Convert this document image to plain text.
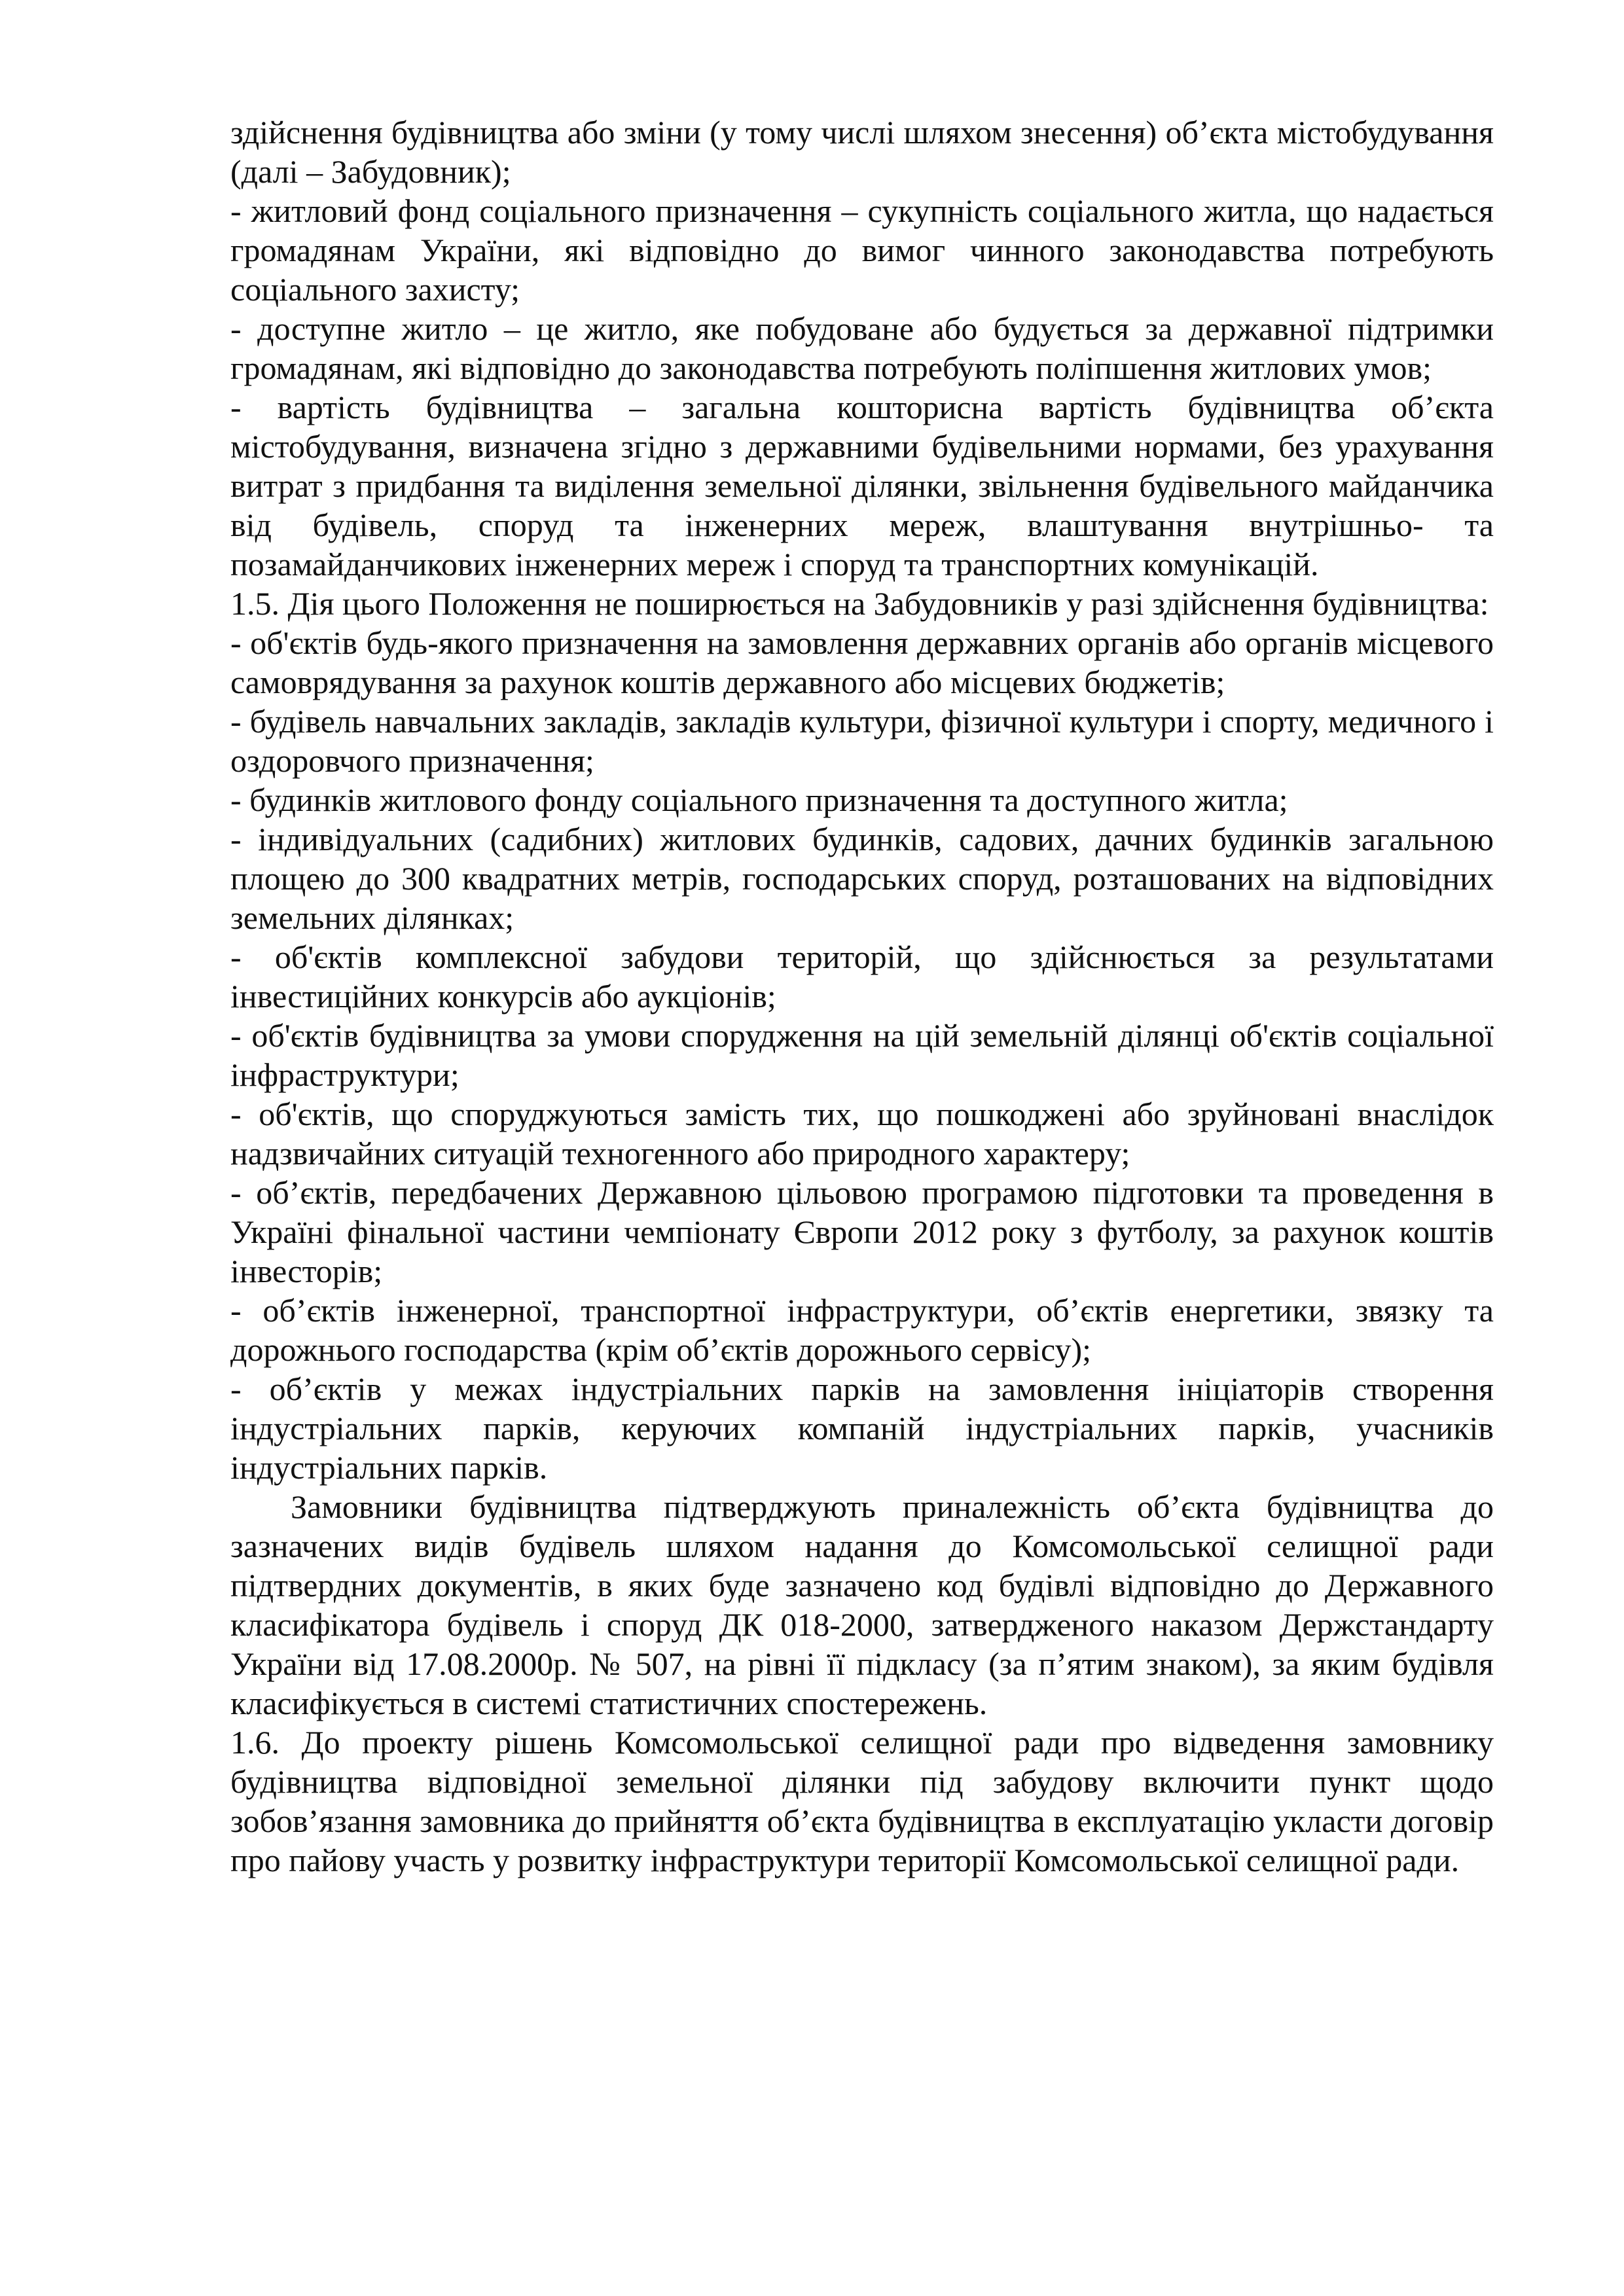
здійснення будівництва або зміни (у тому числі шляхом знесення) об’єкта містобудування (далі – Забудовник);

- житловий фонд соціального призначення – сукупність соціального житла, що надається громадянам України, які відповідно до вимог чинного законодавства потребують соціального захисту;

- доступне житло – це житло, яке побудоване або будується за державної підтримки громадянам, які відповідно до законодавства потребують поліпшення житлових умов;

- вартість будівництва – загальна кошторисна вартість будівництва об’єкта містобудування, визначена згідно з державними будівельними нормами, без урахування витрат з придбання та виділення земельної ділянки, звільнення будівельного майданчика від будівель, споруд та інженерних мереж, влаштування внутрішньо- та позамайданчикових інженерних мереж і споруд та транспортних комунікацій.

1.5. Дія цього Положення не поширюється на Забудовників у разі здійснення будівництва:

- об'єктів будь-якого призначення на замовлення державних органів або органів місцевого самоврядування за рахунок коштів державного або місцевих бюджетів;

- будівель навчальних закладів, закладів культури, фізичної культури і спорту, медичного і оздоровчого призначення;

- будинків житлового фонду соціального призначення та доступного житла;

- індивідуальних (садибних) житлових будинків, садових, дачних будинків загальною площею до 300 квадратних метрів, господарських споруд, розташованих на відповідних земельних ділянках;

- об'єктів комплексної забудови територій, що здійснюється за результатами інвестиційних конкурсів або аукціонів;

- об'єктів будівництва за умови спорудження на цій земельній ділянці об'єктів соціальної інфраструктури;

- об'єктів, що споруджуються замість тих, що пошкоджені або зруйновані внаслідок надзвичайних ситуацій техногенного або природного характеру;

- об’єктів, передбачених Державною цільовою програмою підготовки та проведення в Україні фінальної частини чемпіонату Європи 2012 року з футболу, за рахунок коштів інвесторів;

- об’єктів інженерної, транспортної інфраструктури, об’єктів енергетики, звязку та дорожнього господарства (крім об’єктів дорожнього сервісу);

- об’єктів у межах індустріальних парків на замовлення ініціаторів створення індустріальних парків, керуючих компаній індустріальних парків, учасників індустріальних парків.

Замовники будівництва підтверджують приналежність об’єкта будівництва до зазначених видів будівель шляхом надання до Комсомольської селищної ради підтвердних документів, в яких буде зазначено код будівлі відповідно до Державного класифікатора будівель і споруд ДК 018-2000, затвердженого наказом Держстандарту України від 17.08.2000р. № 507, на рівні її підкласу (за п’ятим знаком), за яким будівля класифікується в системі статистичних спостережень.

1.6. До проекту рішень Комсомольської селищної ради про відведення замовнику будівництва відповідної земельної ділянки під забудову включити пункт щодо зобов’язання замовника до прийняття об’єкта будівництва в експлуатацію укласти договір про пайову участь у розвитку інфраструктури території Комсомольської селищної ради.
